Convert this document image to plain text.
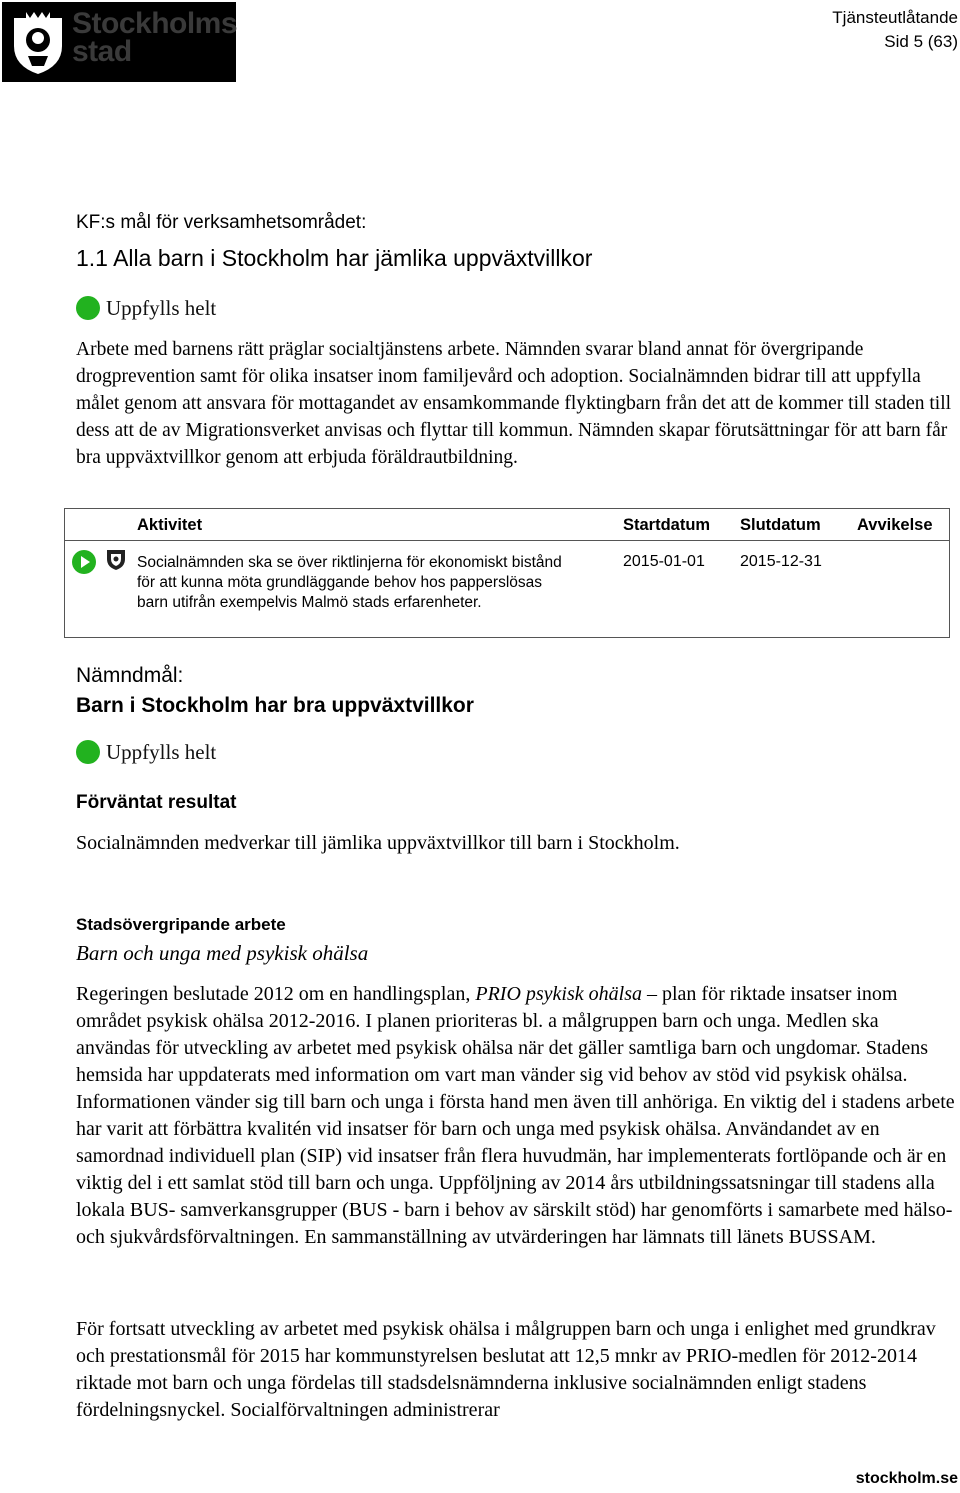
Stockholms
stad
Tjänsteutlåtande
Sid 5 (63)
KF:s mål för verksamhetsområdet:
1.1 Alla barn i Stockholm har jämlika uppväxtvillkor
Uppfylls helt

Arbete med barnens rätt präglar socialtjänstens arbete. Nämnden svarar bland annat för övergripande drogprevention samt för olika insatser inom familjevård och adoption. Socialnämnden bidrar till att uppfylla målet genom att ansvara för mottagandet av ensamkommande flyktingbarn från det att de kommer till staden till dess att de av Migrationsverket anvisas och flyttar till kommun. Nämnden skapar förutsättningar för att barn får bra uppväxtvillkor genom att erbjuda föräldrautbildning.

Aktivitet	Startdatum Slutdatum Avvikelse
Socialnämnden ska se över riktlinjerna för ekonomiskt bistånd för att kunna möta grundläggande behov hos papperslösas barn utifrån exempelvis Malmö stads erfarenheter.
2015-01-01 2015-12-31
Nämndmål:
Barn i Stockholm har bra uppväxtvillkor
Uppfylls helt
Förväntat resultat

Socialnämnden medverkar till jämlika uppväxtvillkor till barn i Stockholm.

Stadsövergripande arbete
Barn och unga med psykisk ohälsa

Regeringen beslutade 2012 om en handlingsplan, PRIO psykisk ohälsa – plan för riktade insatser inom området psykisk ohälsa 2012-2016. I planen prioriteras bl. a målgruppen barn och unga. Medlen ska användas för utveckling av arbetet med psykisk ohälsa när det gäller samtliga barn och ungdomar. Stadens hemsida har uppdaterats med information om vart man vänder sig vid behov av stöd vid psykisk ohälsa. Informationen vänder sig till barn och unga i första hand men även till anhöriga. En viktig del i stadens arbete har varit att förbättra kvalitén vid insatser för barn och unga med psykisk ohälsa. Användandet av en samordnad individuell plan (SIP) vid insatser från flera huvudmän, har implementerats fortlöpande och är en viktig del i ett samlat stöd till barn och unga. Uppföljning av 2014 års utbildningssatsningar till stadens alla lokala BUS- samverkansgrupper (BUS - barn i behov av särskilt stöd) har genomförts i samarbete med hälso- och sjukvårdsförvaltningen. En sammanställning av utvärderingen har lämnats till länets BUSSAM.

För fortsatt utveckling av arbetet med psykisk ohälsa i målgruppen barn och unga i enlighet med grundkrav och prestationsmål för 2015 har kommunstyrelsen beslutat att 12,5 mnkr av PRIO-medlen för 2012-2014 riktade mot barn och unga fördelas till stadsdelsnämnderna inklusive socialnämnden enligt stadens fördelningsnyckel. Socialförvaltningen administrerar

stockholm.se
